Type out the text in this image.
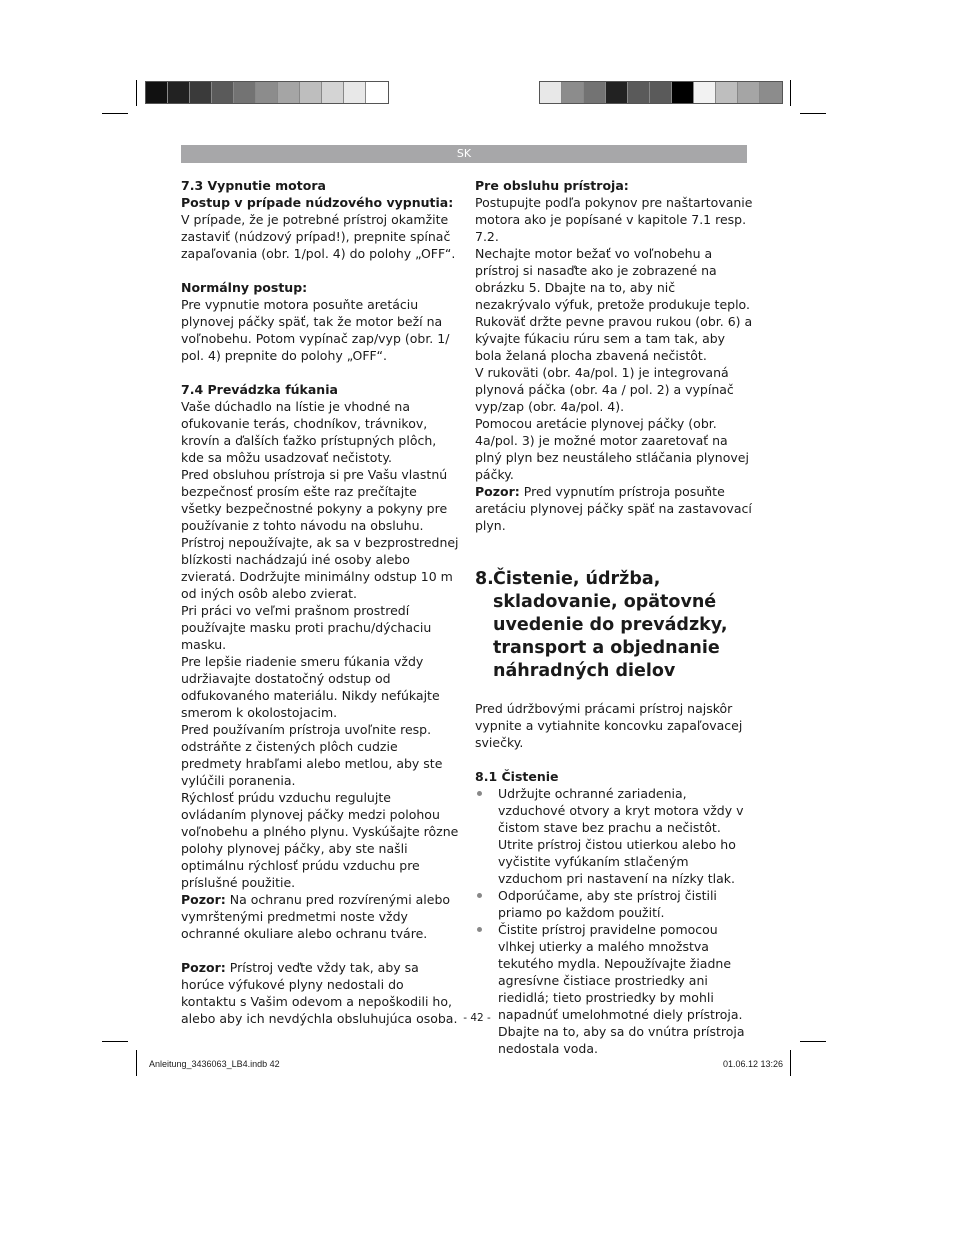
SK

7.3 Vypnutie motora

Postup v prípade núdzového vypnutia:

V prípade, že je potrebné prístroj okamžite zastaviť (núdzový prípad!), prepnite spínač zapaľovania (obr. 1/pol. 4) do polohy „OFF“.

Normálny postup:

Pre vypnutie motora posuňte aretáciu plynovej páčky späť, tak že motor beží na voľnobehu. Potom vypínač zap/vyp (obr. 1/ pol. 4) prepnite do polohy „OFF“.

7.4 Prevádzka fúkania

Vaše dúchadlo na lístie je vhodné na ofukovanie terás, chodníkov, trávnikov, krovín a ďalších ťažko prístupných plôch, kde sa môžu usadzovať nečistoty.

Pred obsluhou prístroja si pre Vašu vlastnú bezpečnosť prosím ešte raz prečítajte všetky bezpečnostné pokyny a pokyny pre používanie z tohto návodu na obsluhu.

Prístroj nepoužívajte, ak sa v bezprostrednej blízkosti nachádzajú iné osoby alebo zvieratá. Dodržujte minimálny odstup 10 m od iných osôb alebo zvierat.

Pri práci vo veľmi prašnom prostredí používajte masku proti prachu/dýchaciu masku.

Pre lepšie riadenie smeru fúkania vždy udržiavajte dostatočný odstup od odfukovaného materiálu. Nikdy nefúkajte smerom k okolostojacim.

Pred používaním prístroja uvoľnite resp. odstráňte z čistených plôch cudzie predmety hrabľami alebo metlou, aby ste vylúčili poranenia.

Rýchlosť prúdu vzduchu regulujte ovládaním plynovej páčky medzi polohou voľnobehu a plného plynu. Vyskúšajte rôzne polohy plynovej páčky, aby ste našli optimálnu rýchlosť prúdu vzduchu pre príslušné použitie.

Pozor: Na ochranu pred rozvírenými alebo vymrštenými predmetmi noste vždy ochranné okuliare alebo ochranu tváre.

Pozor: Prístroj veďte vždy tak, aby sa horúce výfukové plyny nedostali do kontaktu s Vašim odevom a nepoškodili ho, alebo aby ich nevdýchla obsluhujúca osoba.

Pre obsluhu prístroja:

Postupujte podľa pokynov pre naštartovanie motora ako je popísané v kapitole 7.1 resp. 7.2.

Nechajte motor bežať vo voľnobehu a prístroj si nasaďte ako je zobrazené na obrázku 5. Dbajte na to, aby nič nezakrývalo výfuk, pretože produkuje teplo.

Rukoväť držte pevne pravou rukou (obr. 6) a kývajte fúkaciu rúru sem a tam tak, aby bola želaná plocha zbavená nečistôt.

V rukoväti (obr. 4a/pol. 1) je integrovaná plynová páčka (obr. 4a / pol. 2) a vypínač vyp/zap (obr. 4a/pol. 4).

Pomocou aretácie plynovej páčky (obr. 4a/pol. 3) je možné motor zaaretovať na plný plyn bez neustáleho stláčania plynovej páčky.

Pozor: Pred vypnutím prístroja posuňte aretáciu plynovej páčky späť na zastavovací plyn.

8. Čistenie, údržba, skladovanie, opätovné uvedenie do prevádzky, transport a objednanie náhradných dielov

Pred údržbovými prácami prístroj najskôr vypnite a vytiahnite koncovku zapaľovacej sviečky.

8.1 Čistenie

Udržujte ochranné zariadenia, vzduchové otvory a kryt motora vždy v čistom stave bez prachu a nečistôt. Utrite prístroj čistou utierkou alebo ho vyčistite vyfúkaním stlačeným vzduchom pri nastavení na nízky tlak.
Odporúčame, aby ste prístroj čistili priamo po každom použití.
Čistite prístroj pravidelne pomocou vlhkej utierky a malého množstva tekutého mydla. Nepoužívajte žiadne agresívne čistiace prostriedky ani riedidlá; tieto prostriedky by mohli napadnúť umelohmotné diely prístroja. Dbajte na to, aby sa do vnútra prístroja nedostala voda.
- 42 -
Anleitung_3436063_LB4.indb 42	01.06.12 13:26
